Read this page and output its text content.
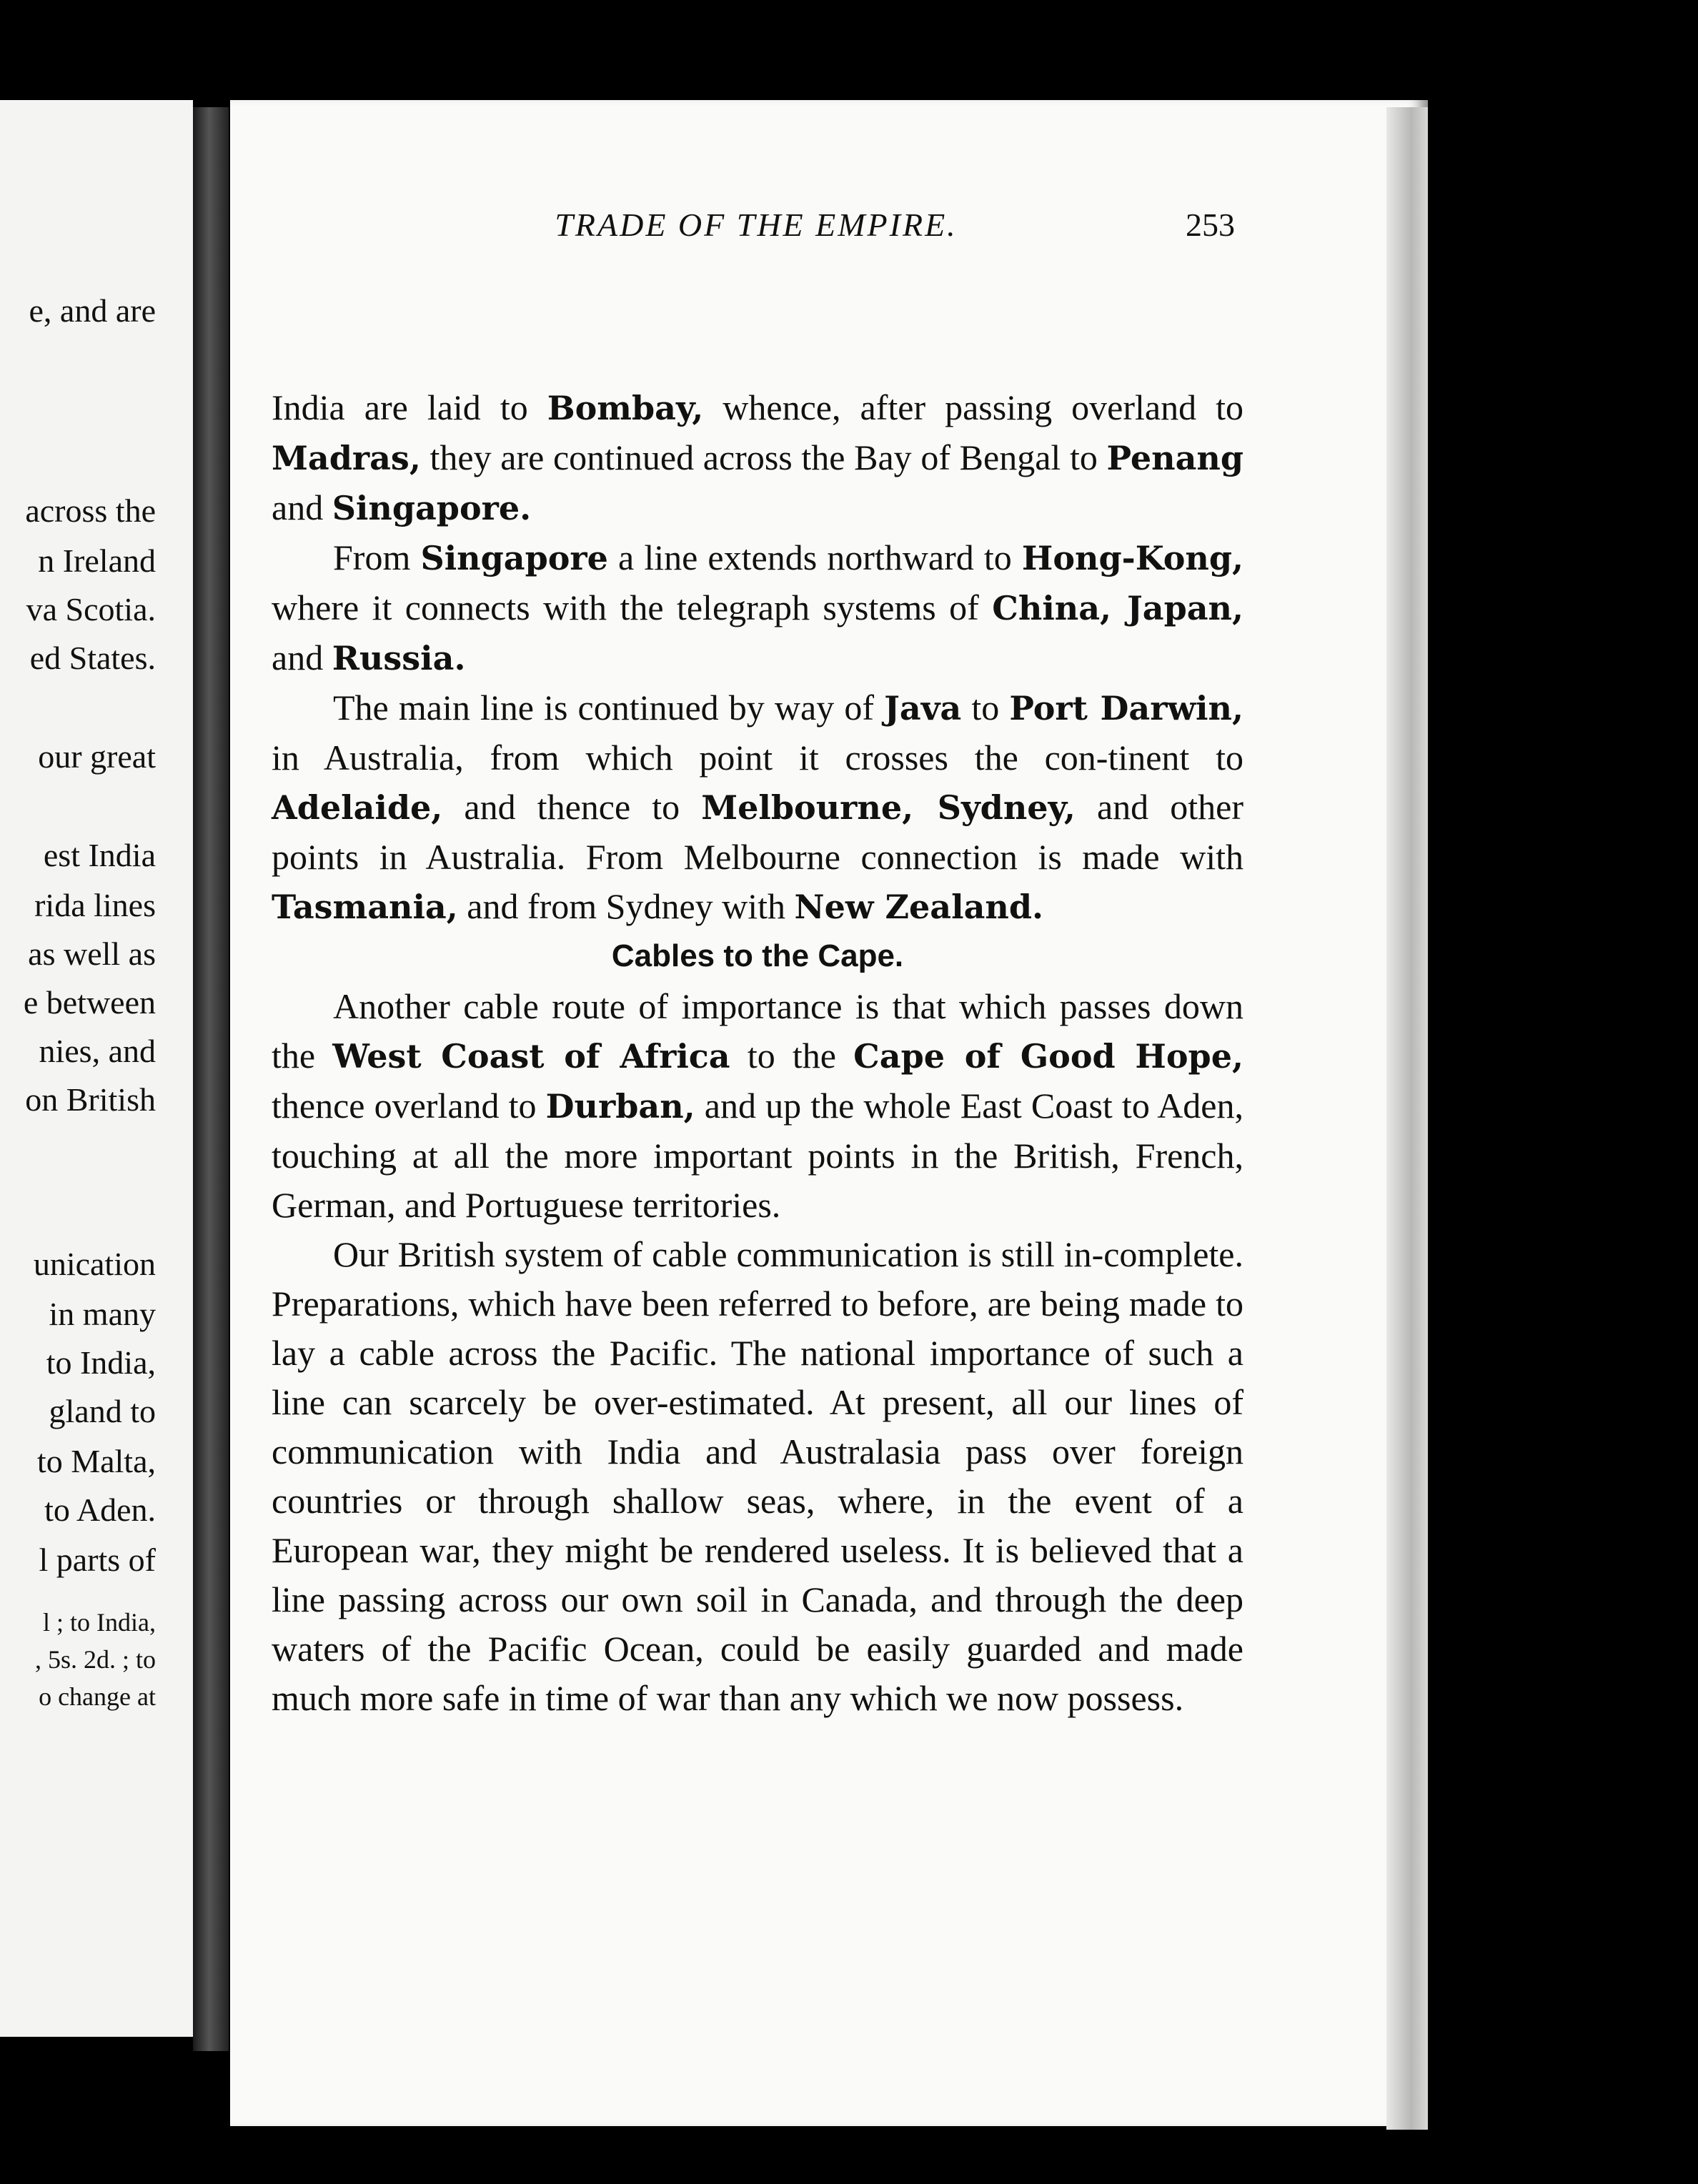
e, and are
across the
n Ireland
va Scotia.
ed States.
our great
est India
rida lines
as well as
e between
nies, and
on British
unication
in many
to India,
gland to
to Malta,
to Aden.
l parts of
l ; to India,
, 5s. 2d. ; to
o change at
TRADE OF THE EMPIRE.	253

India are laid to Bombay, whence, after passing overland to Madras, they are continued across the Bay of Bengal to Penang and Singapore.

From Singapore a line extends northward to Hong-Kong, where it connects with the telegraph systems of China, Japan, and Russia.

The main line is continued by way of Java to Port Darwin, in Australia, from which point it crosses the con-tinent to Adelaide, and thence to Melbourne, Sydney, and other points in Australia. From Melbourne connection is made with Tasmania, and from Sydney with New Zealand.

Cables to the Cape.

Another cable route of importance is that which passes down the West Coast of Africa to the Cape of Good Hope, thence overland to Durban, and up the whole East Coast to Aden, touching at all the more important points in the British, French, German, and Portuguese territories.

Our British system of cable communication is still in-complete. Preparations, which have been referred to before, are being made to lay a cable across the Pacific. The national importance of such a line can scarcely be over-estimated. At present, all our lines of communication with India and Australasia pass over foreign countries or through shallow seas, where, in the event of a European war, they might be rendered useless. It is believed that a line passing across our own soil in Canada, and through the deep waters of the Pacific Ocean, could be easily guarded and made much more safe in time of war than any which we now possess.
